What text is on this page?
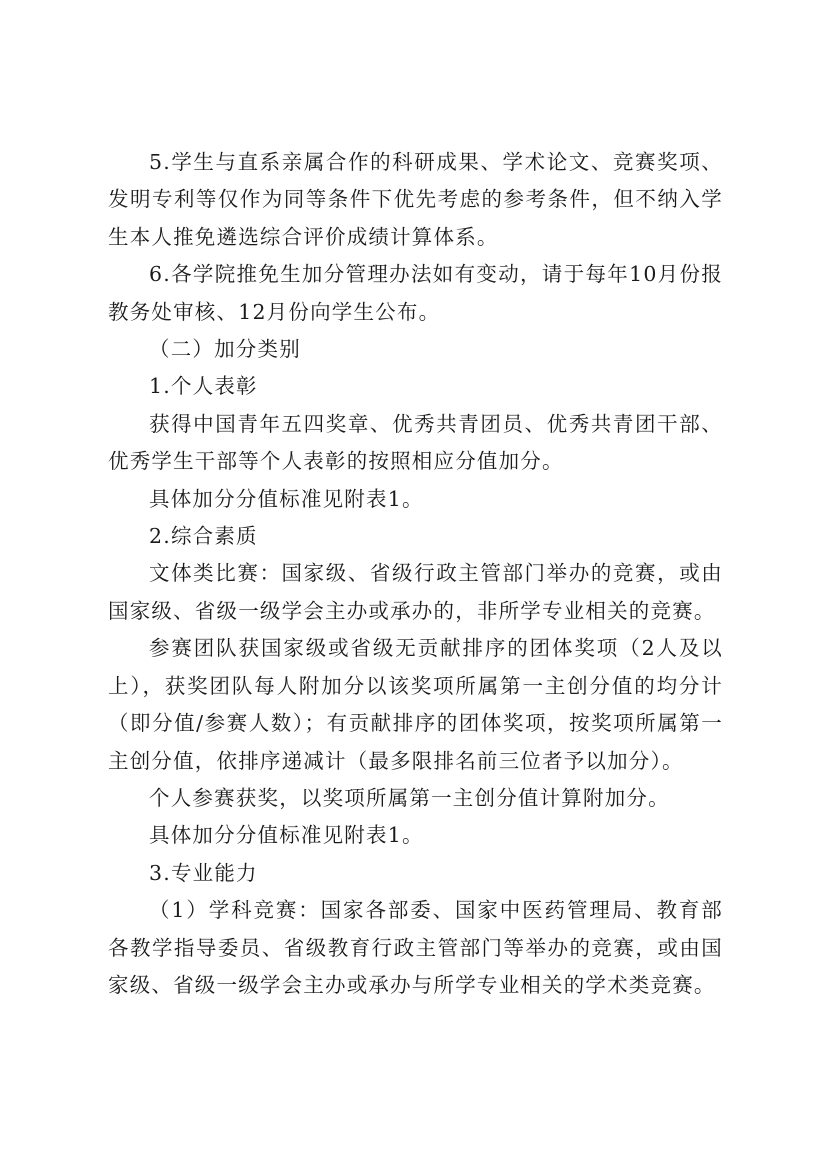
5.学生与直系亲属合作的科研成果、学术论文、竞赛奖项、发明专利等仅作为同等条件下优先考虑的参考条件，但不纳入学生本人推免遴选综合评价成绩计算体系。

6.各学院推免生加分管理办法如有变动，请于每年10月份报教务处审核、12月份向学生公布。

（二）加分类别

1.个人表彰

获得中国青年五四奖章、优秀共青团员、优秀共青团干部、优秀学生干部等个人表彰的按照相应分值加分。

具体加分分值标准见附表1。

2.综合素质

文体类比赛：国家级、省级行政主管部门举办的竞赛，或由国家级、省级一级学会主办或承办的，非所学专业相关的竞赛。

参赛团队获国家级或省级无贡献排序的团体奖项（2人及以上），获奖团队每人附加分以该奖项所属第一主创分值的均分计（即分值/参赛人数）；有贡献排序的团体奖项，按奖项所属第一主创分值，依排序递减计（最多限排名前三位者予以加分）。

个人参赛获奖，以奖项所属第一主创分值计算附加分。

具体加分分值标准见附表1。

3.专业能力

（1）学科竞赛：国家各部委、国家中医药管理局、教育部各教学指导委员、省级教育行政主管部门等举办的竞赛，或由国家级、省级一级学会主办或承办与所学专业相关的学术类竞赛。
